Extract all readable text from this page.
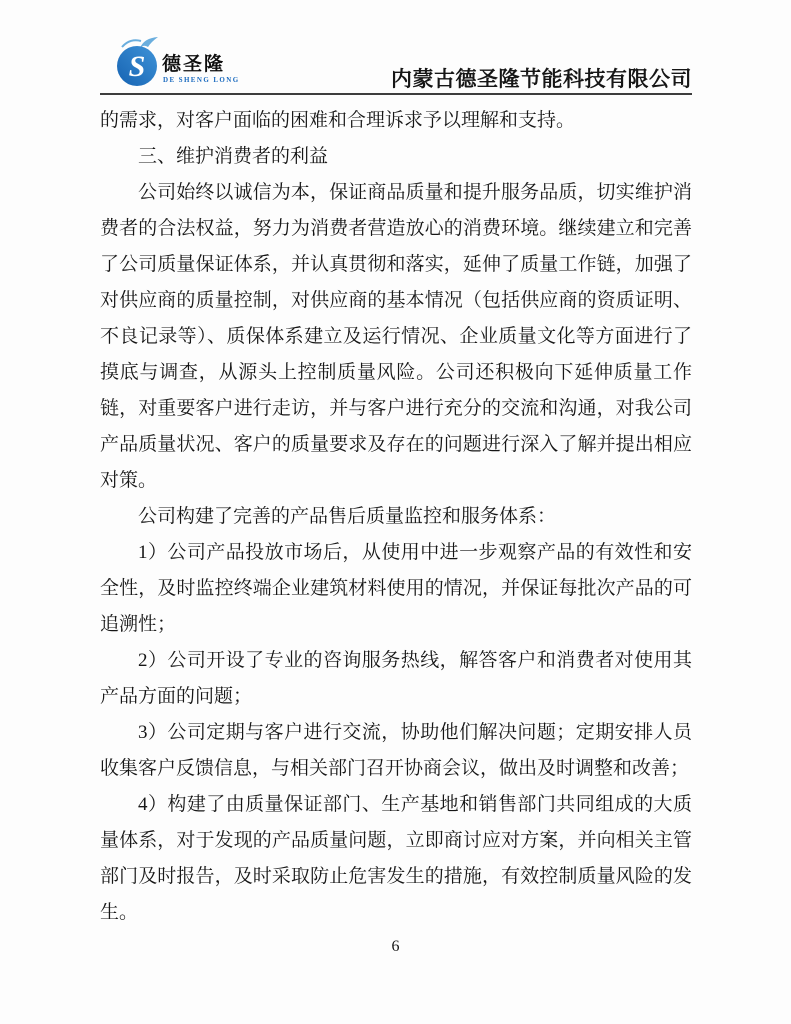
S 德圣隆
DE SHENG LONG	内蒙古德圣隆节能科技有限公司

的需求，对客户面临的困难和合理诉求予以理解和支持。

三、维护消费者的利益

公司始终以诚信为本，保证商品质量和提升服务品质，切实维护消费者的合法权益，努力为消费者营造放心的消费环境。继续建立和完善了公司质量保证体系，并认真贯彻和落实，延伸了质量工作链，加强了对供应商的质量控制，对供应商的基本情况（包括供应商的资质证明、不良记录等）、质保体系建立及运行情况、企业质量文化等方面进行了摸底与调查，从源头上控制质量风险。公司还积极向下延伸质量工作链，对重要客户进行走访，并与客户进行充分的交流和沟通，对我公司产品质量状况、客户的质量要求及存在的问题进行深入了解并提出相应对策。

公司构建了完善的产品售后质量监控和服务体系：

1）公司产品投放市场后，从使用中进一步观察产品的有效性和安全性，及时监控终端企业建筑材料使用的情况，并保证每批次产品的可追溯性；

2）公司开设了专业的咨询服务热线，解答客户和消费者对使用其产品方面的问题；

3）公司定期与客户进行交流，协助他们解决问题；定期安排人员收集客户反馈信息，与相关部门召开协商会议，做出及时调整和改善；

4）构建了由质量保证部门、生产基地和销售部门共同组成的大质量体系，对于发现的产品质量问题，立即商讨应对方案，并向相关主管部门及时报告，及时采取防止危害发生的措施，有效控制质量风险的发生。

6
